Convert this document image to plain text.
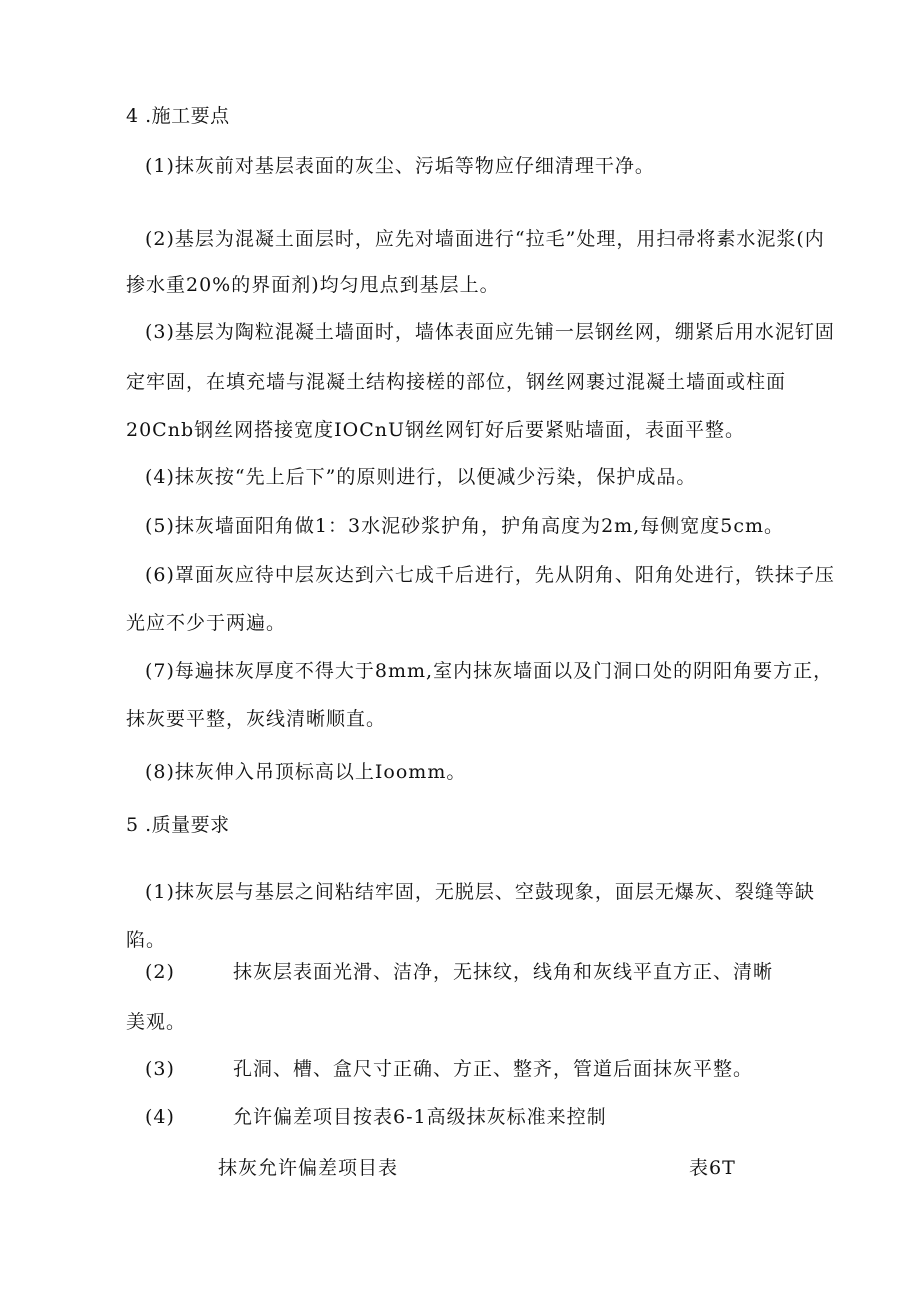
4 .施工要点
(1)抹灰前对基层表面的灰尘、污垢等物应仔细清理干净。
(2)基层为混凝土面层时，应先对墙面进行“拉毛”处理，用扫帚将素水泥浆(内
掺水重20%的界面剂)均匀甩点到基层上。
(3)基层为陶粒混凝土墙面时，墙体表面应先铺一层钢丝网，绷紧后用水泥钉固
定牢固，在填充墙与混凝土结构接槎的部位，钢丝网裹过混凝土墙面或柱面
20Cnb钢丝网搭接宽度IOCnU钢丝网钉好后要紧贴墙面，表面平整。
(4)抹灰按“先上后下”的原则进行，以便减少污染，保护成品。
(5)抹灰墙面阳角做1：3水泥砂浆护角，护角高度为2m,每侧宽度5cm。
(6)罩面灰应待中层灰达到六七成千后进行，先从阴角、阳角处进行，铁抹子压
光应不少于两遍。
(7)每遍抹灰厚度不得大于8mm,室内抹灰墙面以及门洞口处的阴阳角要方正，
抹灰要平整，灰线清晰顺直。
(8)抹灰伸入吊顶标高以上Ioomm。
5 .质量要求
(1)抹灰层与基层之间粘结牢固，无脱层、空鼓现象，面层无爆灰、裂缝等缺
陷。
(2)	抹灰层表面光滑、洁净，无抹纹，线角和灰线平直方正、清晰
美观。
(3)	孔洞、槽、盒尺寸正确、方正、整齐，管道后面抹灰平整。
(4)	允许偏差项目按表6-1高级抹灰标准来控制
抹灰允许偏差项目表	表6T
